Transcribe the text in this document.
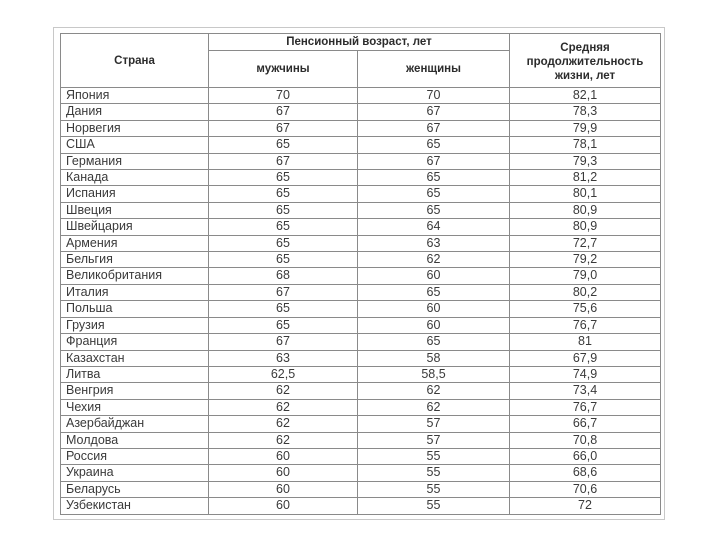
Страна	Пенсионный возраст, лет		Средняя продолжительность жизни, лет
	мужчины	женщины	
Япония	70	70	82,1
Дания	67	67	78,3
Норвегия	67	67	79,9
США	65	65	78,1
Германия	67	67	79,3
Канада	65	65	81,2
Испания	65	65	80,1
Швеция	65	65	80,9
Швейцария	65	64	80,9
Армения	65	63	72,7
Бельгия	65	62	79,2
Великобритания	68	60	79,0
Италия	67	65	80,2
Польша	65	60	75,6
Грузия	65	60	76,7
Франция	67	65	81
Казахстан	63	58	67,9
Литва	62,5	58,5	74,9
Венгрия	62	62	73,4
Чехия	62	62	76,7
Азербайджан	62	57	66,7
Молдова	62	57	70,8
Россия	60	55	66,0
Украина	60	55	68,6
Беларусь	60	55	70,6
Узбекистан	60	55	72
